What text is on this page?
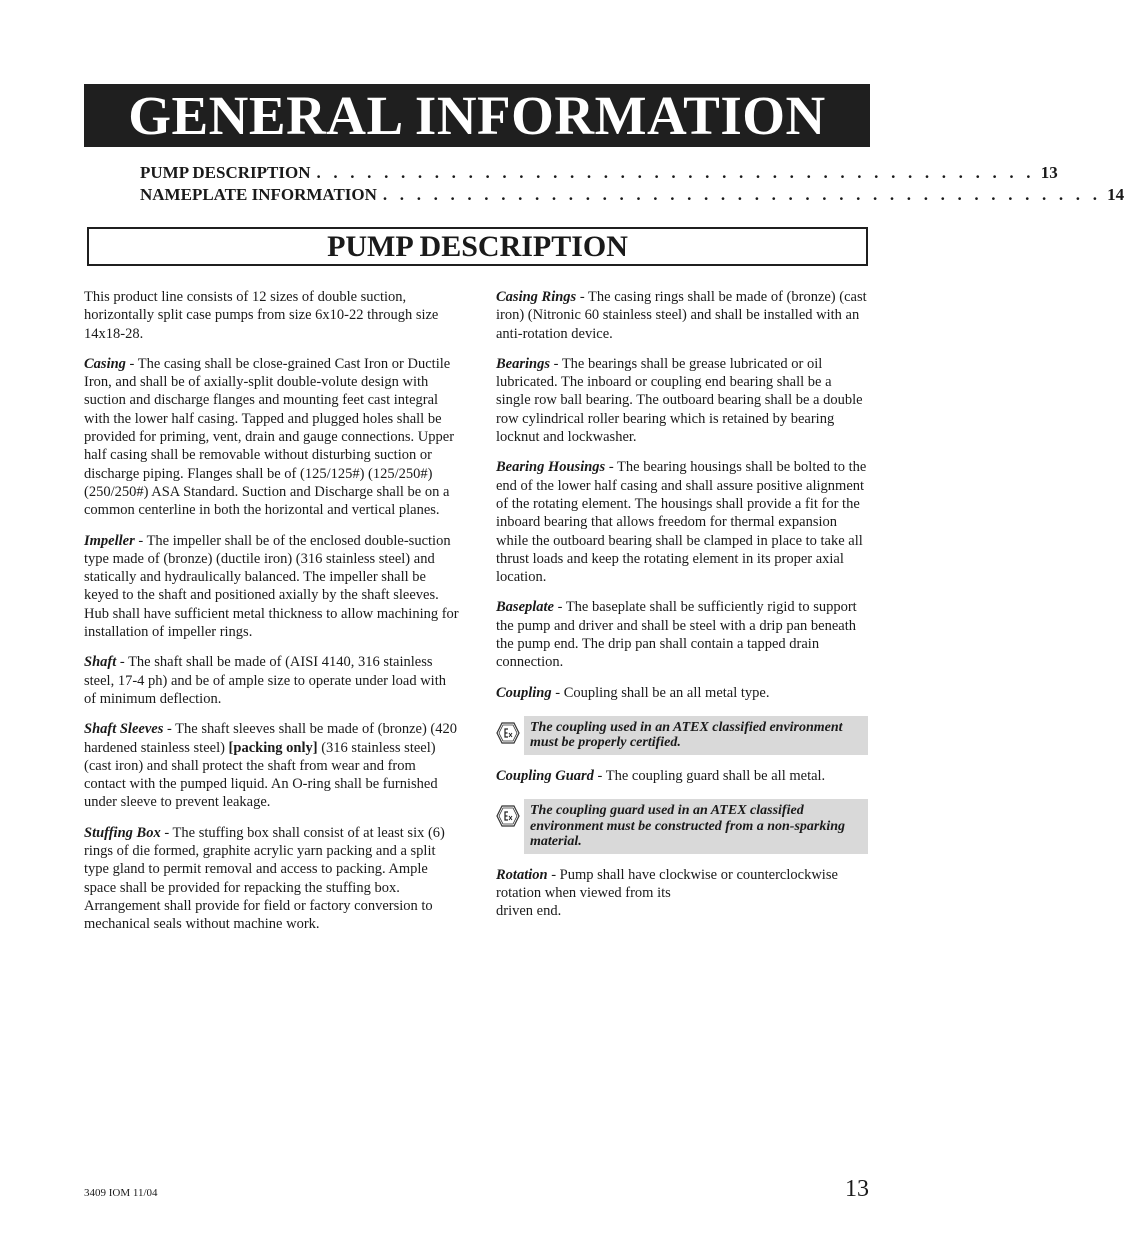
GENERAL INFORMATION
PUMP DESCRIPTION . . . . . . . . . . . . . . . . . . . . . . . . . . . . . . . . . . . . . . . . . . . 13
NAMEPLATE INFORMATION . . . . . . . . . . . . . . . . . . . . . . . . . . . . . . . . . . . . . . . . . . . 14
PUMP DESCRIPTION

This product line consists of 12 sizes of double suction, horizontally split case pumps from size 6x10-22 through size 14x18-28.

Casing - The casing shall be close-grained Cast Iron or Ductile Iron, and shall be of axially-split double-volute design with suction and discharge flanges and mounting feet cast integral with the lower half casing. Tapped and plugged holes shall be provided for priming, vent, drain and gauge connections. Upper half casing shall be removable without disturbing suction or discharge piping. Flanges shall be of (125/125#) (125/250#) (250/250#) ASA Standard. Suction and Discharge shall be on a common centerline in both the horizontal and vertical planes.

Impeller - The impeller shall be of the enclosed double-suction type made of (bronze) (ductile iron) (316 stainless steel) and statically and hydraulically balanced. The impeller shall be keyed to the shaft and positioned axially by the shaft sleeves. Hub shall have sufficient metal thickness to allow machining for installation of impeller rings.

Shaft - The shaft shall be made of (AISI 4140, 316 stainless steel, 17-4 ph) and be of ample size to operate under load with of minimum deflection.

Shaft Sleeves - The shaft sleeves shall be made of (bronze) (420 hardened stainless steel) [packing only] (316 stainless steel)(cast iron) and shall protect the shaft from wear and from contact with the pumped liquid. An O-ring shall be furnished under sleeve to prevent leakage.

Stuffing Box - The stuffing box shall consist of at least six (6) rings of die formed, graphite acrylic yarn packing and a split type gland to permit removal and access to packing. Ample space shall be provided for repacking the stuffing box. Arrangement shall provide for field or factory conversion to mechanical seals without machine work.

Casing Rings - The casing rings shall be made of (bronze) (cast iron) (Nitronic 60 stainless steel) and shall be installed with an anti-rotation device.

Bearings - The bearings shall be grease lubricated or oil lubricated. The inboard or coupling end bearing shall be a single row ball bearing. The outboard bearing shall be a double row cylindrical roller bearing which is retained by bearing locknut and lockwasher.

Bearing Housings - The bearing housings shall be bolted to the end of the lower half casing and shall assure positive alignment of the rotating element. The housings shall provide a fit for the inboard bearing that allows freedom for thermal expansion while the outboard bearing shall be clamped in place to take all thrust loads and keep the rotating element in its proper axial location.

Baseplate - The baseplate shall be sufficiently rigid to support the pump and driver and shall be steel with a drip pan beneath the pump end. The drip pan shall contain a tapped drain connection.

Coupling - Coupling shall be an all metal type.

The coupling used in an ATEX classified environment must be properly certified.

Coupling Guard - The coupling guard shall be all metal.

The coupling guard used in an ATEX classified environment must be constructed from a non-sparking material.

Rotation - Pump shall have clockwise or counterclockwise rotation when viewed from its
driven end.

3409 IOM 11/04	13
